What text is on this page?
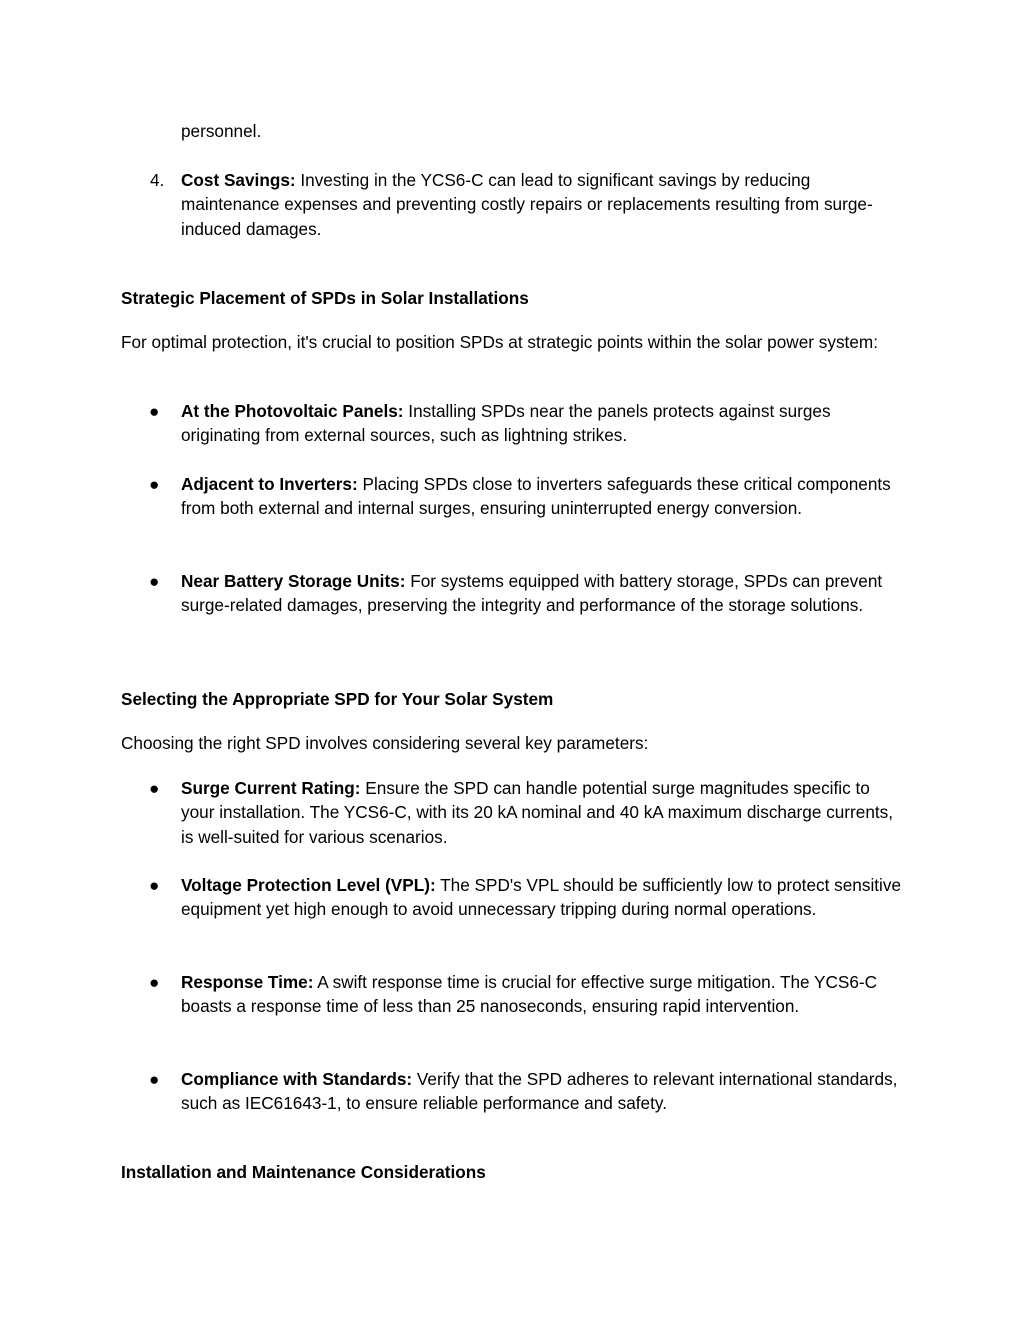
personnel.

4. Cost Savings: Investing in the YCS6-C can lead to significant savings by reducing maintenance expenses and preventing costly repairs or replacements resulting from surge-induced damages.
Strategic Placement of SPDs in Solar Installations

For optimal protection, it's crucial to position SPDs at strategic points within the solar power system:

●	At the Photovoltaic Panels: Installing SPDs near the panels protects against surges originating from external sources, such as lightning strikes.
●	Adjacent to Inverters: Placing SPDs close to inverters safeguards these critical components from both external and internal surges, ensuring uninterrupted energy conversion.
●	Near Battery Storage Units: For systems equipped with battery storage, SPDs can prevent surge-related damages, preserving the integrity and performance of the storage solutions.
Selecting the Appropriate SPD for Your Solar System

Choosing the right SPD involves considering several key parameters:

●	Surge Current Rating: Ensure the SPD can handle potential surge magnitudes specific to your installation. The YCS6-C, with its 20 kA nominal and 40 kA maximum discharge currents, is well-suited for various scenarios.
●	Voltage Protection Level (VPL): The SPD's VPL should be sufficiently low to protect sensitive equipment yet high enough to avoid unnecessary tripping during normal operations.
●	Response Time: A swift response time is crucial for effective surge mitigation. The YCS6-C boasts a response time of less than 25 nanoseconds, ensuring rapid intervention.
●	Compliance with Standards: Verify that the SPD adheres to relevant international standards, such as IEC61643-1, to ensure reliable performance and safety.
Installation and Maintenance Considerations
